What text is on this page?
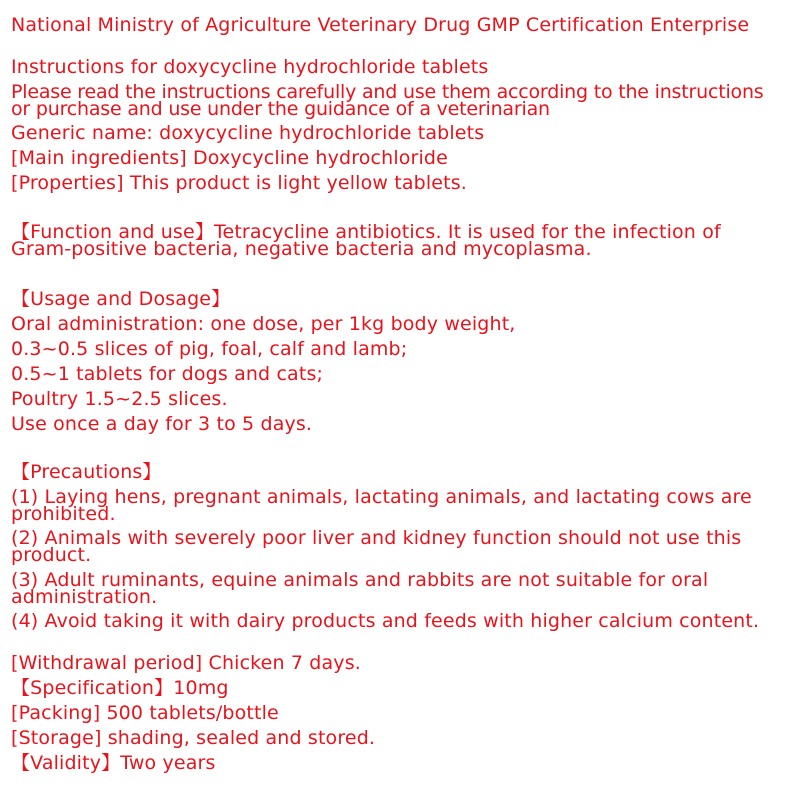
National Ministry of Agriculture Veterinary Drug GMP Certification Enterprise
Instructions for doxycycline hydrochloride tablets
Please read the instructions carefully and use them according to the instructions or purchase and use under the guidance of a veterinarian
Generic name: doxycycline hydrochloride tablets
[Main ingredients] Doxycycline hydrochloride
[Properties] This product is light yellow tablets.
【Function and use】Tetracycline antibiotics. It is used for the infection of Gram-positive bacteria, negative bacteria and mycoplasma.
【Usage and Dosage】
Oral administration: one dose, per 1kg body weight,
0.3~0.5 slices of pig, foal, calf and lamb;
0.5~1 tablets for dogs and cats;
Poultry 1.5~2.5 slices.
Use once a day for 3 to 5 days.
【Precautions】
(1) Laying hens, pregnant animals, lactating animals, and lactating cows are prohibited.
(2) Animals with severely poor liver and kidney function should not use this product.
(3) Adult ruminants, equine animals and rabbits are not suitable for oral administration.
(4) Avoid taking it with dairy products and feeds with higher calcium content.
[Withdrawal period] Chicken 7 days.
【Specification】10mg
[Packing] 500 tablets/bottle
[Storage] shading, sealed and stored.
【Validity】Two years
